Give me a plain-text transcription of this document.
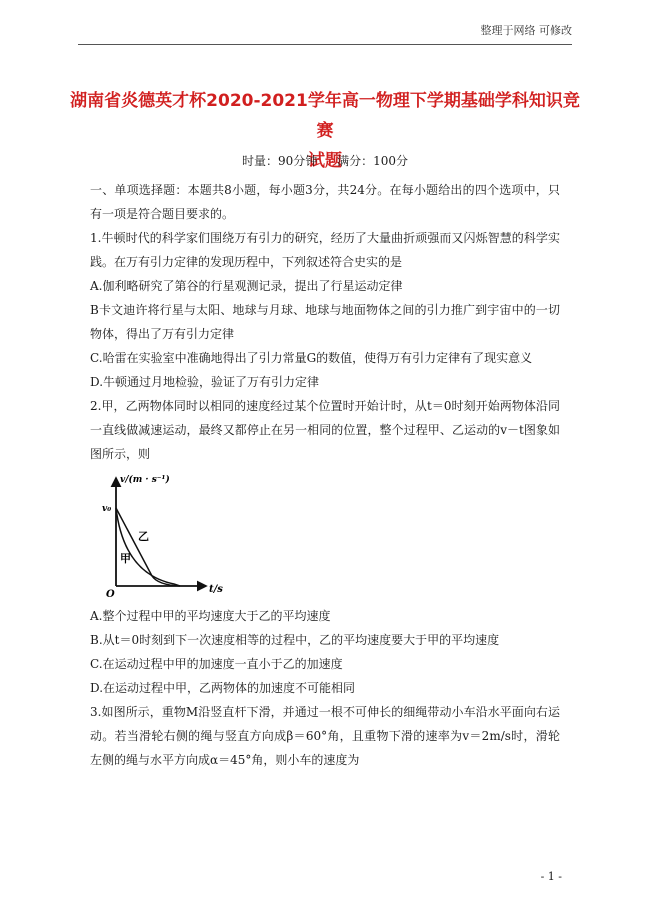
整理于网络 可修改
湖南省炎德英才杯2020-2021学年高一物理下学期基础学科知识竞赛
试题
时量：90分钟 满分：100分

一、单项选择题：本题共8小题，每小题3分，共24分。在每小题给出的四个选项中，只有一项是符合题目要求的。

1.牛顿时代的科学家们围绕万有引力的研究，经历了大量曲折顽强而又闪烁智慧的科学实践。在万有引力定律的发现历程中，下列叙述符合史实的是

A.伽利略研究了第谷的行星观测记录，提出了行星运动定律

B卡文迪许将行星与太阳、地球与月球、地球与地面物体之间的引力推广到宇宙中的一切物体，得出了万有引力定律

C.哈雷在实验室中准确地得出了引力常量G的数值，使得万有引力定律有了现实意义

D.牛顿通过月地检验，验证了万有引力定律

2.甲，乙两物体同时以相同的速度经过某个位置时开始计时，从t＝0时刻开始两物体沿同一直线做减速运动，最终又都停止在另一相同的位置，整个过程甲、乙运动的v－t图象如图所示，则

v/(m · s⁻¹)
v₀
乙
甲
O	t/s

A.整个过程中甲的平均速度大于乙的平均速度

B.从t＝0时刻到下一次速度相等的过程中，乙的平均速度要大于甲的平均速度

C.在运动过程中甲的加速度一直小于乙的加速度

D.在运动过程中甲，乙两物体的加速度不可能相同

3.如图所示，重物M沿竖直杆下滑，并通过一根不可伸长的细绳带动小车沿水平面向右运动。若当滑轮右侧的绳与竖直方向成β＝60°角，且重物下滑的速率为v＝2m/s时，滑轮左侧的绳与水平方向成α＝45°角，则小车的速度为

- 1 -
